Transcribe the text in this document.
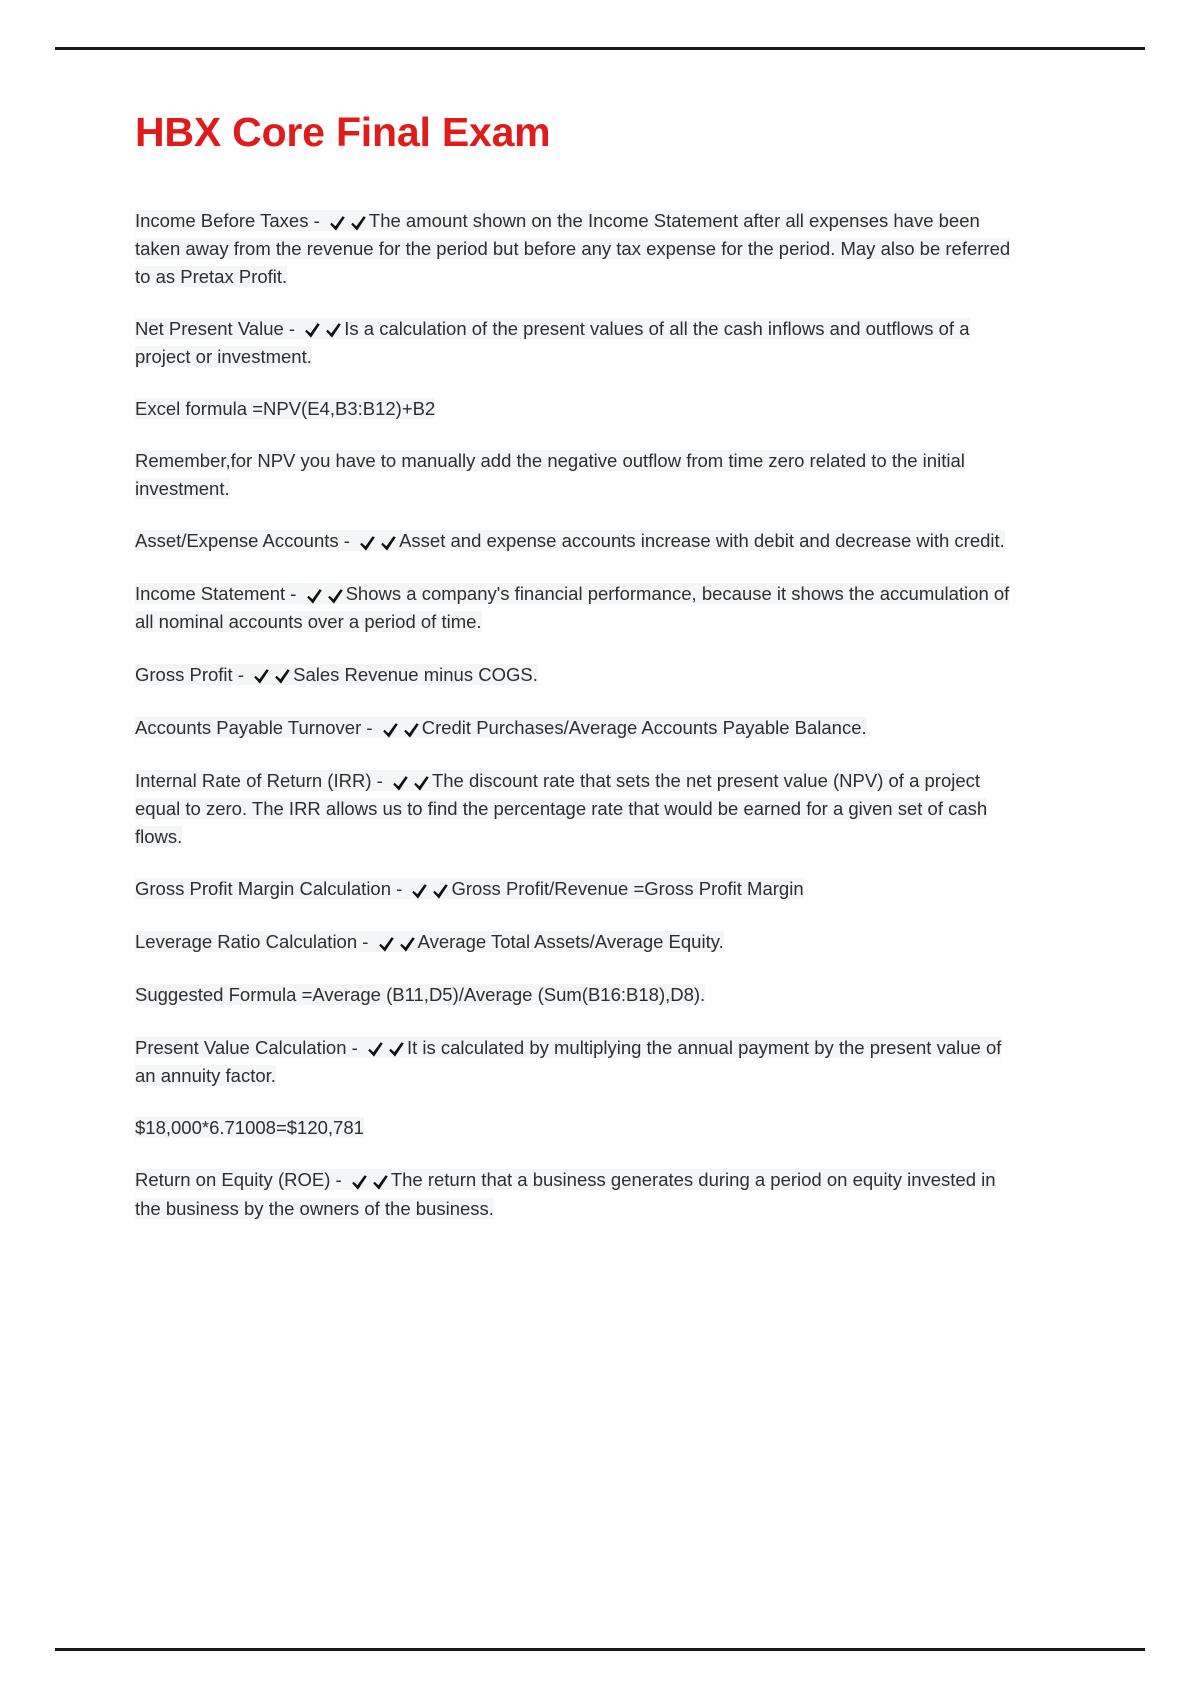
HBX Core Final Exam

Income Before Taxes -	The amount shown on the Income Statement after all expenses have been taken away from the revenue for the period but before any tax expense for the period. May also be referred to as Pretax Profit.

Net Present Value -	Is a calculation of the present values of all the cash inflows and outflows of a project or investment.

Excel formula =NPV(E4,B3:B12)+B2

Remember,for NPV you have to manually add the negative outflow from time zero related to the initial investment.

Asset/Expense Accounts -	Asset and expense accounts increase with debit and decrease with credit.

Income Statement -	Shows a company's financial performance, because it shows the accumulation of all nominal accounts over a period of time.

Gross Profit -	Sales Revenue minus COGS.

Accounts Payable Turnover -	Credit Purchases/Average Accounts Payable Balance.

Internal Rate of Return (IRR) -	The discount rate that sets the net present value (NPV) of a project equal to zero. The IRR allows us to find the percentage rate that would be earned for a given set of cash flows.

Gross Profit Margin Calculation -	Gross Profit/Revenue =Gross Profit Margin

Leverage Ratio Calculation -	Average Total Assets/Average Equity.

Suggested Formula =Average (B11,D5)/Average (Sum(B16:B18),D8).

Present Value Calculation -	It is calculated by multiplying the annual payment by the present value of an annuity factor.

$18,000*6.71008=$120,781

Return on Equity (ROE) -	The return that a business generates during a period on equity invested in the business by the owners of the business.
